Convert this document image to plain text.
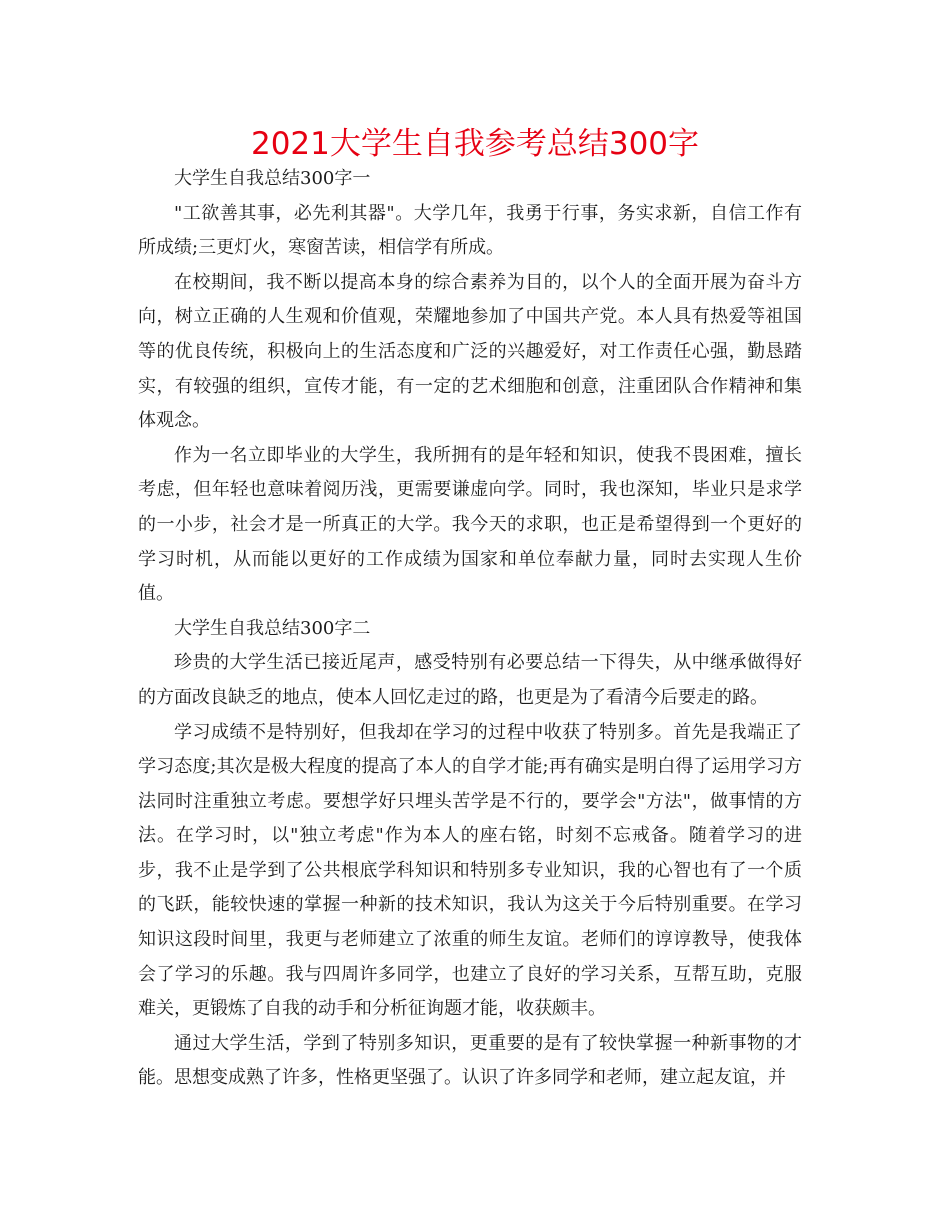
2021大学生自我参考总结300字

大学生自我总结300字一

"工欲善其事，必先利其器"。大学几年，我勇于行事，务实求新，自信工作有所成绩;三更灯火，寒窗苦读，相信学有所成。

在校期间，我不断以提高本身的综合素养为目的，以个人的全面开展为奋斗方向，树立正确的人生观和价值观，荣耀地参加了中国共产党。本人具有热爱等祖国等的优良传统，积极向上的生活态度和广泛的兴趣爱好，对工作责任心强，勤恳踏实，有较强的组织，宣传才能，有一定的艺术细胞和创意，注重团队合作精神和集体观念。

作为一名立即毕业的大学生，我所拥有的是年轻和知识，使我不畏困难，擅长考虑，但年轻也意味着阅历浅，更需要谦虚向学。同时，我也深知，毕业只是求学的一小步，社会才是一所真正的大学。我今天的求职，也正是希望得到一个更好的学习时机，从而能以更好的工作成绩为国家和单位奉献力量，同时去实现人生价值。

大学生自我总结300字二

珍贵的大学生活已接近尾声，感受特别有必要总结一下得失，从中继承做得好的方面改良缺乏的地点，使本人回忆走过的路，也更是为了看清今后要走的路。

学习成绩不是特别好，但我却在学习的过程中收获了特别多。首先是我端正了学习态度;其次是极大程度的提高了本人的自学才能;再有确实是明白得了运用学习方法同时注重独立考虑。要想学好只埋头苦学是不行的，要学会"方法"，做事情的方法。在学习时，以"独立考虑"作为本人的座右铭，时刻不忘戒备。随着学习的进步，我不止是学到了公共根底学科知识和特别多专业知识，我的心智也有了一个质的飞跃，能较快速的掌握一种新的技术知识，我认为这关于今后特别重要。在学习知识这段时间里，我更与老师建立了浓重的师生友谊。老师们的谆谆教导，使我体会了学习的乐趣。我与四周许多同学，也建立了良好的学习关系，互帮互助，克服难关，更锻炼了自我的动手和分析征询题才能，收获颇丰。

通过大学生活，学到了特别多知识，更重要的是有了较快掌握一种新事物的才能。思想变成熟了许多，性格更坚强了。认识了许多同学和老师，建立起友谊，并
